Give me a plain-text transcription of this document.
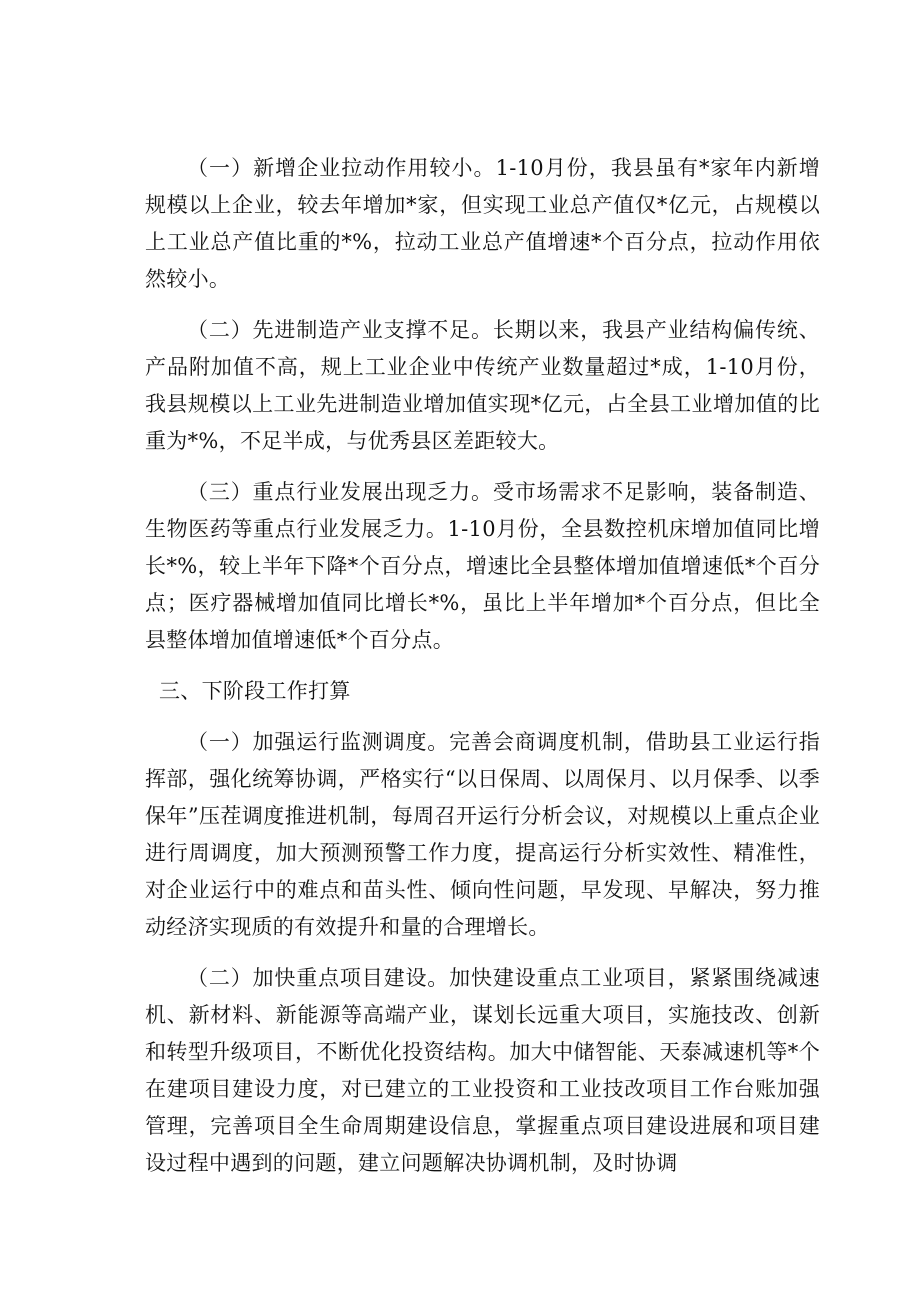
（一）新增企业拉动作用较小。1-10月份，我县虽有*家年内新增规模以上企业，较去年增加*家，但实现工业总产值仅*亿元，占规模以上工业总产值比重的*%，拉动工业总产值增速*个百分点，拉动作用依然较小。

（二）先进制造产业支撑不足。长期以来，我县产业结构偏传统、产品附加值不高，规上工业企业中传统产业数量超过*成，1-10月份，我县规模以上工业先进制造业增加值实现*亿元，占全县工业增加值的比重为*%，不足半成，与优秀县区差距较大。

（三）重点行业发展出现乏力。受市场需求不足影响，装备制造、生物医药等重点行业发展乏力。1-10月份，全县数控机床增加值同比增长*%，较上半年下降*个百分点，增速比全县整体增加值增速低*个百分点；医疗器械增加值同比增长*%，虽比上半年增加*个百分点，但比全县整体增加值增速低*个百分点。

三、下阶段工作打算

（一）加强运行监测调度。完善会商调度机制，借助县工业运行指挥部，强化统筹协调，严格实行“以日保周、以周保月、以月保季、以季保年”压茬调度推进机制，每周召开运行分析会议，对规模以上重点企业进行周调度，加大预测预警工作力度，提高运行分析实效性、精准性，对企业运行中的难点和苗头性、倾向性问题，早发现、早解决，努力推动经济实现质的有效提升和量的合理增长。

（二）加快重点项目建设。加快建设重点工业项目，紧紧围绕减速机、新材料、新能源等高端产业，谋划长远重大项目，实施技改、创新和转型升级项目，不断优化投资结构。加大中储智能、天泰减速机等*个在建项目建设力度，对已建立的工业投资和工业技改项目工作台账加强管理，完善项目全生命周期建设信息，掌握重点项目建设进展和项目建设过程中遇到的问题，建立问题解决协调机制，及时协调
